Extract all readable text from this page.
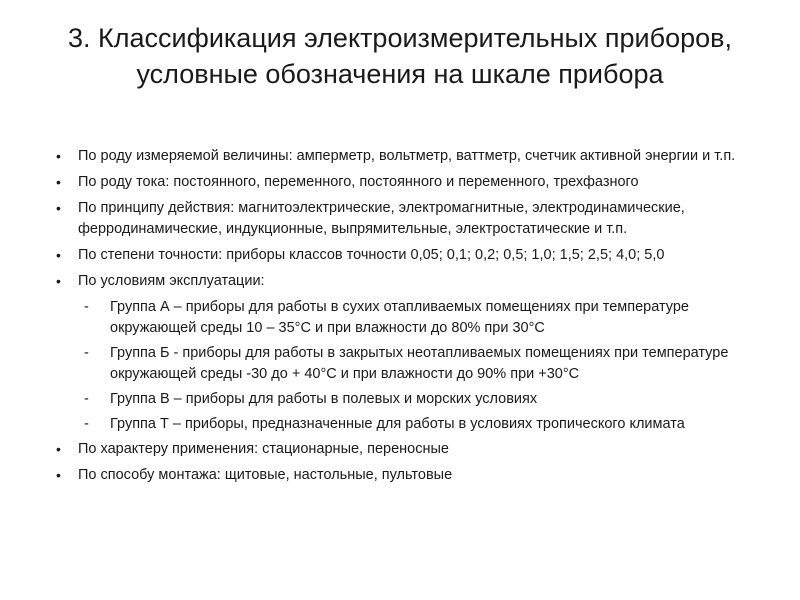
3. Классификация электроизмерительных приборов, условные обозначения на шкале прибора
• По роду измеряемой величины: амперметр, вольтметр, ваттметр, счетчик активной энергии и т.п.
• По роду тока: постоянного, переменного, постоянного и переменного, трехфазного
• По принципу действия: магнитоэлектрические, электромагнитные, электродинамические, ферродинамические, индукционные, выпрямительные, электростатические и т.п.
• По степени точности: приборы классов точности 0,05; 0,1; 0,2; 0,5; 1,0; 1,5; 2,5; 4,0; 5,0
• По условиям эксплуатации:
- Группа А – приборы для работы в сухих отапливаемых помещениях при температуре окружающей среды 10 – 35°С и при влажности до 80% при 30°С
- Группа Б - приборы для работы в закрытых неотапливаемых помещениях при температуре окружающей среды -30 до + 40°С и при влажности до 90% при +30°С
- Группа В – приборы для работы в полевых и морских условиях
- Группа Т – приборы, предназначенные для работы в условиях тропического климата
• По характеру применения: стационарные, переносные
• По способу монтажа: щитовые, настольные, пультовые
